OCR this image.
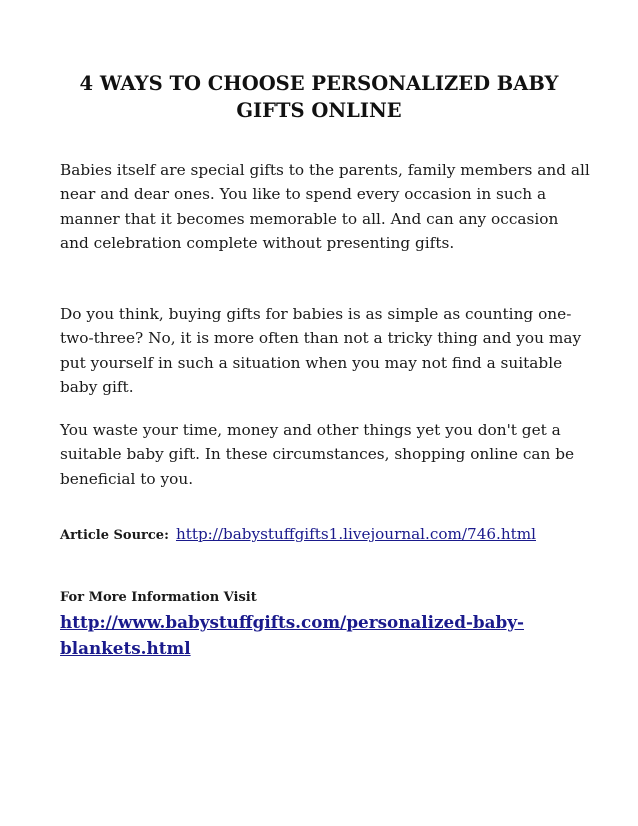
4 WAYS TO CHOOSE PERSONALIZED BABY GIFTS ONLINE

Babies itself are special gifts to the parents, family members and all near and dear ones. You like to spend every occasion in such a manner that it becomes memorable to all. And can any occasion and celebration complete without presenting gifts.

Do you think, buying gifts for babies is as simple as counting one-two-three? No, it is more often than not a tricky thing and you may put yourself in such a situation when you may not find a suitable baby gift.

You waste your time, money and other things yet you don't get a suitable baby gift. In these circumstances, shopping online can be beneficial to you.

Article Source: http://babystuffgifts1.livejournal.com/746.html
For More Information Visit
http://www.babystuffgifts.com/personalized-baby-blankets.html
